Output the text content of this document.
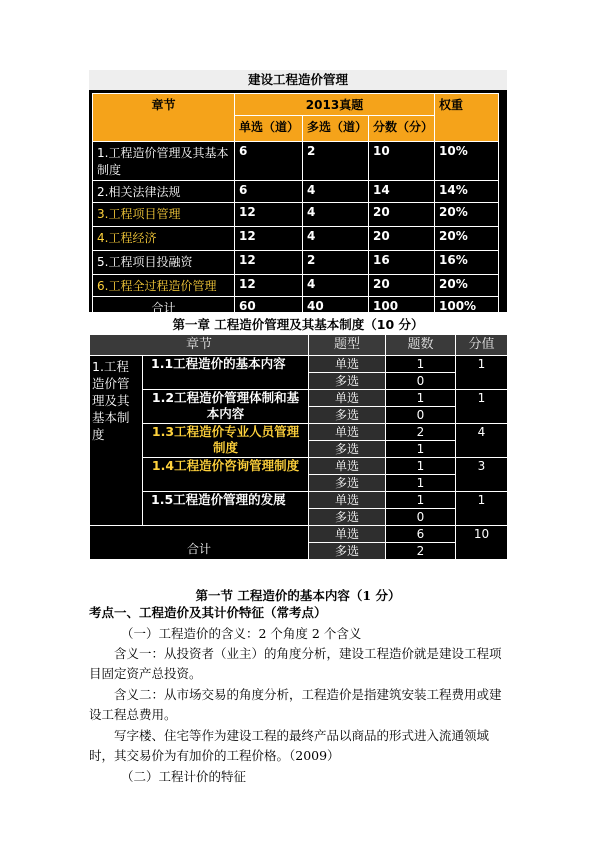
建设工程造价管理
章节	2013真题			权重
	单选（道）	多选（道）	分数（分）	
1.工程造价管理及其基本制度	6	2	10	10%
2.相关法律法规	6	4	14	14%
3.工程项目管理	12	4	20	20%
4.工程经济	12	4	20	20%
5.工程项目投融资	12	2	16	16%
6.工程全过程造价管理	12	4	20	20%
合计	60	40	100	100%
第一章 工程造价管理及其基本制度（10 分）
章节		题型	题数	分值
1.工程造价管理及其基本制度	1.1工程造价的基本内容	单选	1	1
		多选	0	
	1.2工程造价管理体制和基本内容	单选	1	1
		多选	0	
	1.3工程造价专业人员管理制度	单选	2	4
		多选	1	
	1.4工程造价咨询管理制度	单选	1	3
		多选	1	
	1.5工程造价管理的发展	单选	1	1
		多选	0	
合计		单选	6	10
		多选	2	
第一节 工程造价的基本内容（1 分）
考点一、工程造价及其计价特征（常考点）
（一）工程造价的含义：2 个角度 2 个含义
含义一：从投资者（业主）的角度分析，建设工程造价就是建设工程项目固定资产总投资。
含义二：从市场交易的角度分析，工程造价是指建筑安装工程费用或建设工程总费用。
写字楼、住宅等作为建设工程的最终产品以商品的形式进入流通领域时，其交易价为有加价的工程价格。（2009）
（二）工程计价的特征
